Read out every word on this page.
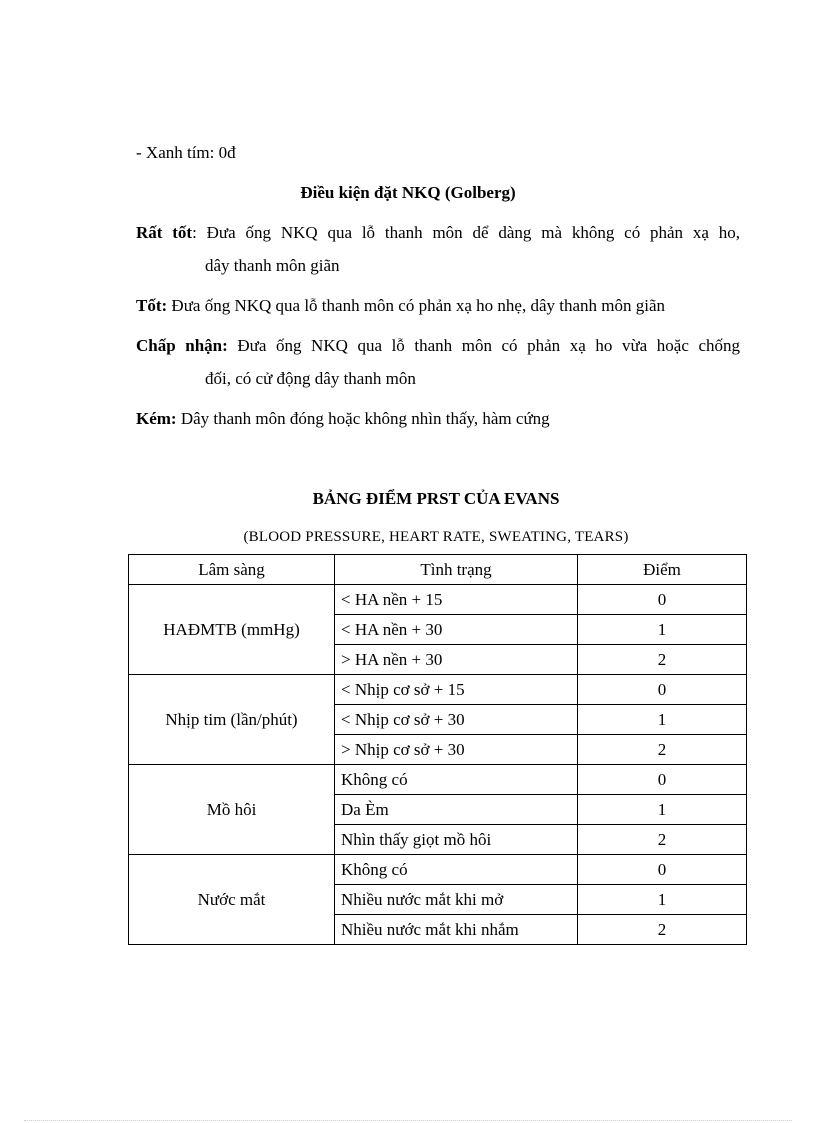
- Xanh tím: 0đ
Điều kiện đặt NKQ (Golberg)
Rất tốt: Đưa ống NKQ qua lỗ thanh môn dể dàng mà không có phản xạ ho,
dây thanh môn giãn
Tốt: Đưa ống NKQ qua lỗ thanh môn có phản xạ ho nhẹ, dây thanh môn giãn
Chấp nhận: Đưa ống NKQ qua lỗ thanh môn có phản xạ ho vừa hoặc chống
đối, có cử động dây thanh môn
Kém: Dây thanh môn đóng hoặc không nhìn thấy, hàm cứng
BẢNG ĐIỂM PRST CỦA EVANS
(BLOOD PRESSURE, HEART RATE, SWEATING, TEARS)
Lâm sàng	Tình trạng	Điểm
HAĐMTB (mmHg)	< HA nền + 15	0
	< HA nền + 30	1
	> HA nền + 30	2
Nhịp tim (lần/phút)	< Nhịp cơ sở + 15	0
	< Nhịp cơ sở + 30	1
	> Nhịp cơ sở + 30	2
Mồ hôi	Không có	0
	Da Èm	1
	Nhìn thấy giọt mồ hôi	2
Nước mắt	Không có	0
	Nhiều nước mắt khi mở	1
	Nhiều nước mắt khi nhắm	2
